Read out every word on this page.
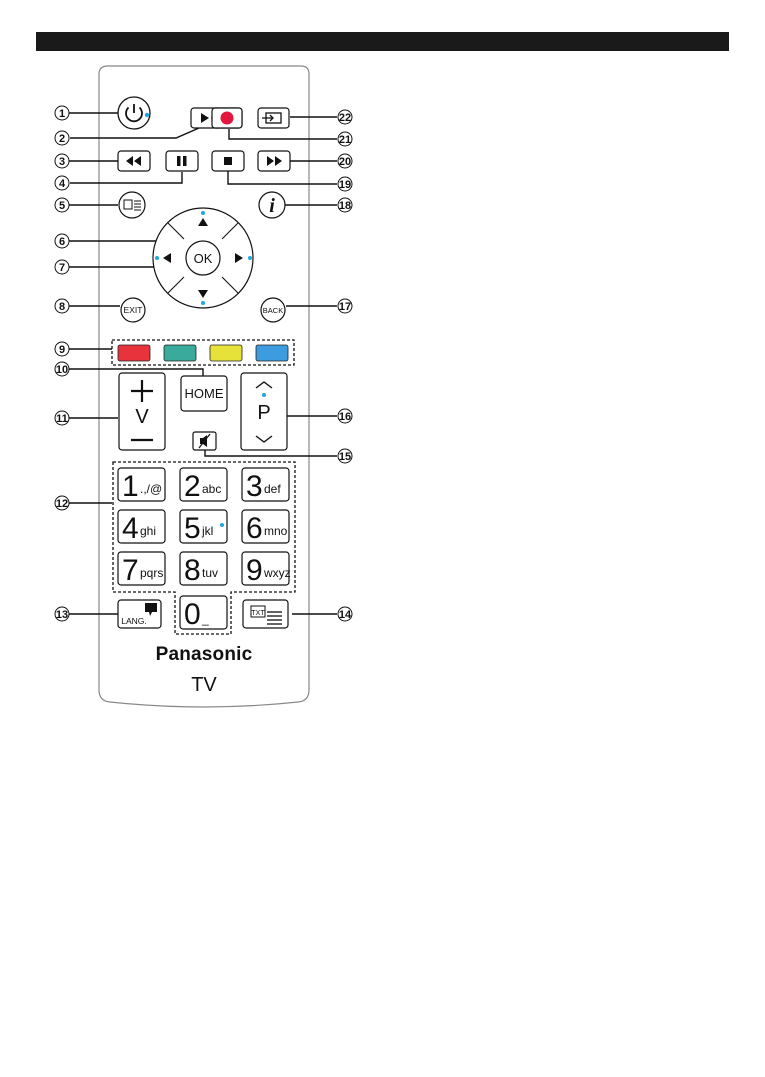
1
2
3
4
5
6
7
8
9
10
11
12
13	14
15
16
17
18
19
20
21
22
i
OK
EXIT	BACK
V
HOME
P
1 .,/@ 2 abc 3 def
4 ghi 5 jkl 6 mno
7 pqrs 8 tuv 9 wxyz
0 _
LANG.
TXT
Panasonic
TV
